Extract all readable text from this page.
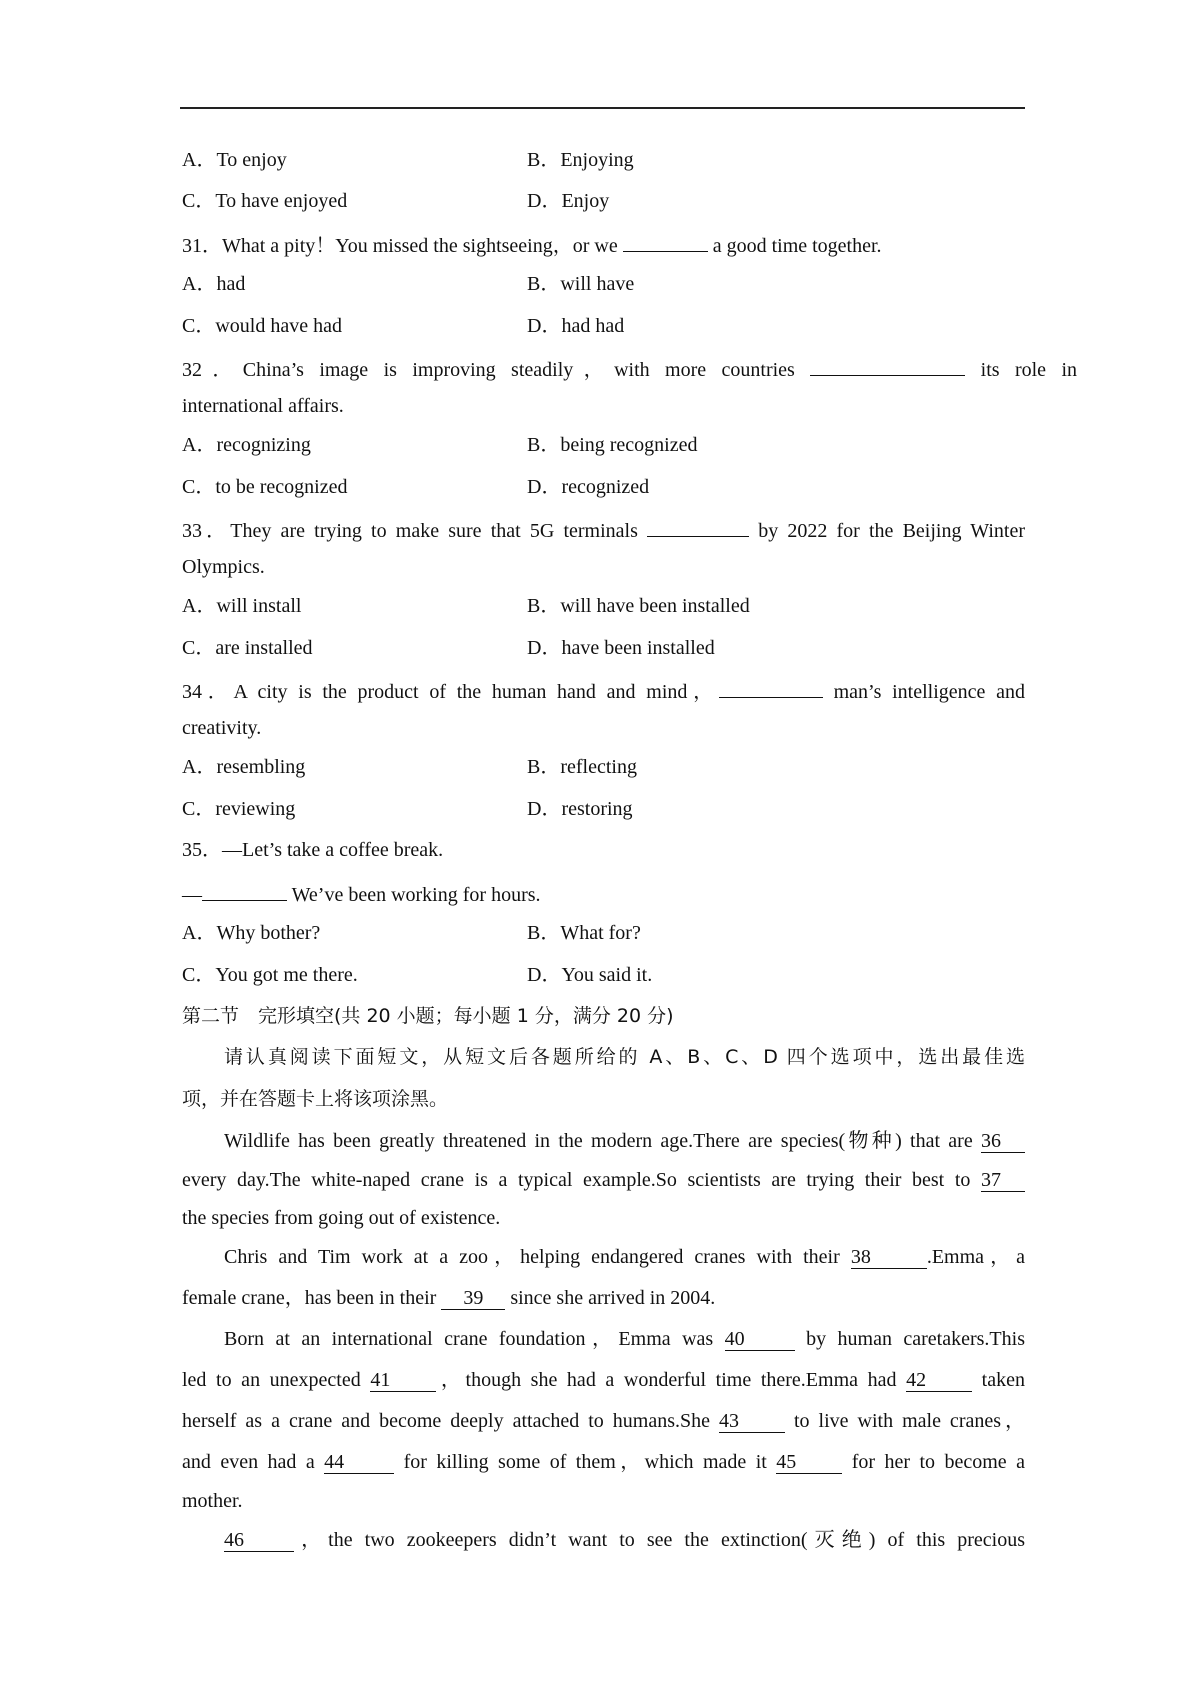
A．To enjoy	B．Enjoying
C．To have enjoyed	D．Enjoy
31．What a pity！You missed the sightseeing，or we	a good time together.
A．had	B．will have
C．would have had	D．had had
32．China’s image is improving steadily，with more countries	its role in
international affairs.
A．recognizing	B．being recognized
C．to be recognized	D．recognized
33．They are trying to make sure that 5G terminals	by 2022 for the Beijing Winter
Olympics.
A．will install	B．will have been installed
C．are installed	D．have been installed
34．A city is the product of the human hand and mind，	man’s intelligence and
creativity.
A．resembling	B．reflecting
C．reviewing	D．restoring
35．—Let’s take a coffee break.
—	We’ve been working for hours.
A．Why bother?	B．What for?
C．You got me there.	D．You said it.
第二节　完形填空(共 20 小题；每小题 1 分，满分 20 分)
请认真阅读下面短文，从短文后各题所给的 A、B、C、D 四个选项中，选出最佳选
项，并在答题卡上将该项涂黑。
Wildlife has been greatly threatened in the modern age.There are species(物种) that are 36
every day.The white-naped crane is a typical example.So scientists are trying their best to 37
the species from going out of existence.
Chris and Tim work at a zoo，helping endangered cranes with their 38	.Emma，a
female crane，has been in their 39 since she arrived in 2004.
Born at an international crane foundation，Emma was 40	by human caretakers.This
led to an unexpected 41 ，though she had a wonderful time there.Emma had 42 taken
herself as a crane and become deeply attached to humans.She 43 to live with male cranes，
and even had a 44	for killing some of them，which made it 45 for her to become a
mother.
46	，the two zookeepers didn’t want to see the extinction(灭绝) of this precious
